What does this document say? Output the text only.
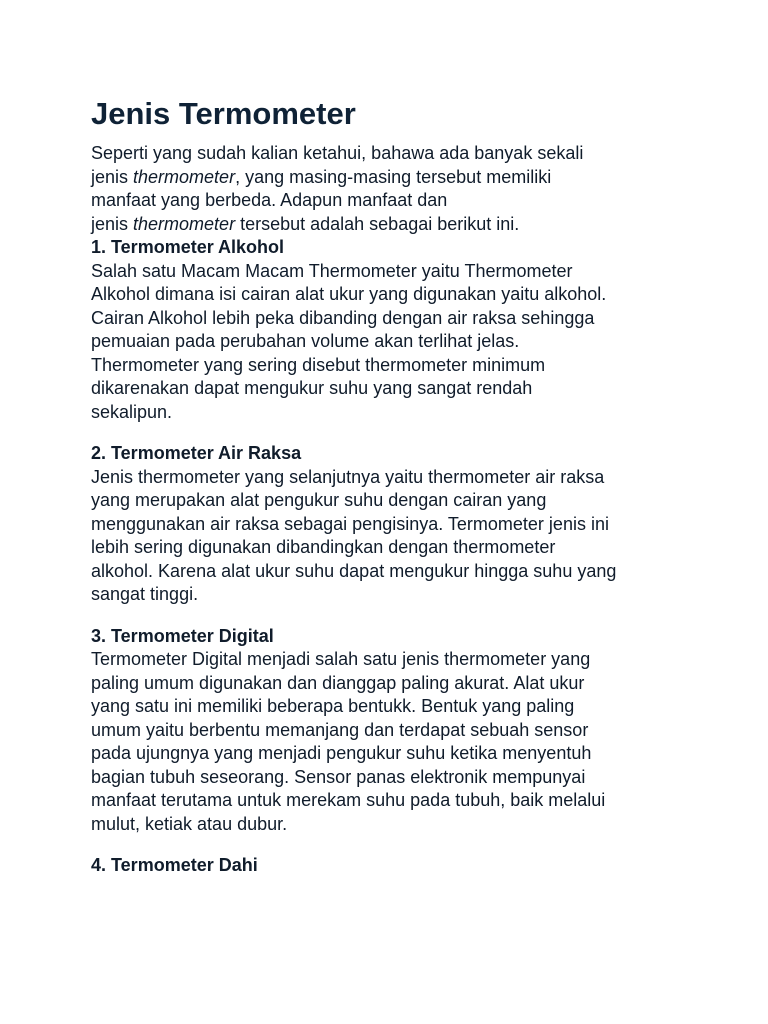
Jenis Termometer

Seperti yang sudah kalian ketahui, bahawa ada banyak sekali
jenis thermometer, yang masing-masing tersebut memiliki
manfaat yang berbeda. Adapun manfaat dan
jenis thermometer tersebut adalah sebagai berikut ini.

1. Termometer Alkohol
Salah satu Macam Macam Thermometer yaitu Thermometer
Alkohol dimana isi cairan alat ukur yang digunakan yaitu alkohol.
Cairan Alkohol lebih peka dibanding dengan air raksa sehingga
pemuaian pada perubahan volume akan terlihat jelas.
Thermometer yang sering disebut thermometer minimum
dikarenakan dapat mengukur suhu yang sangat rendah
sekalipun.

2. Termometer Air Raksa
Jenis thermometer yang selanjutnya yaitu thermometer air raksa
yang merupakan alat pengukur suhu dengan cairan yang
menggunakan air raksa sebagai pengisinya. Termometer jenis ini
lebih sering digunakan dibandingkan dengan thermometer
alkohol. Karena alat ukur suhu dapat mengukur hingga suhu yang
sangat tinggi.

3. Termometer Digital
Termometer Digital menjadi salah satu jenis thermometer yang
paling umum digunakan dan dianggap paling akurat. Alat ukur
yang satu ini memiliki beberapa bentukk. Bentuk yang paling
umum yaitu berbentu memanjang dan terdapat sebuah sensor
pada ujungnya yang menjadi pengukur suhu ketika menyentuh
bagian tubuh seseorang. Sensor panas elektronik mempunyai
manfaat terutama untuk merekam suhu pada tubuh, baik melalui
mulut, ketiak atau dubur.

4. Termometer Dahi
